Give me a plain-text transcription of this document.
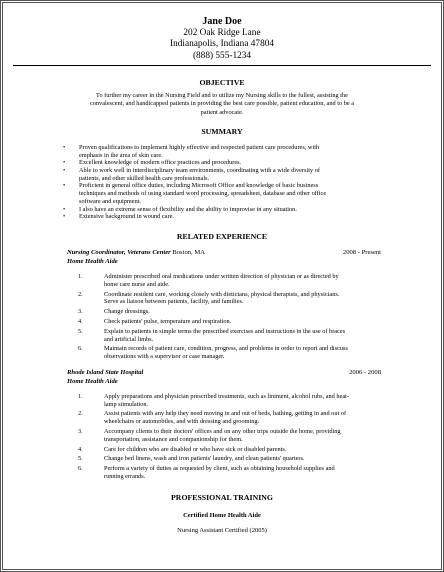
Jane Doe
202 Oak Ridge Lane
Indianapolis, Indiana 47804
(888) 555-1234
OBJECTIVE
To further my career in the Nursing Field and to utilize my Nursing skills to the fullest, assisting the
convalescent, and handicapped patients in providing the best care possible, patient education, and to be a
patient advocate.
SUMMARY
• Proven qualifications to implement highly effective and respected patient care procedures, with
emphasis in the area of skin care.
• Excellent knowledge of modern office practices and procedures.
• Able to work well in interdisciplinary team environments, coordinating with a wide diversity of
patients, and other skilled health care professionals.
• Proficient in general office duties, including Microsoft Office and knowledge of basic business
techniques and methods of using standard word processing, spreadsheet, database and other office
software and equipment.
• I also have an extreme sense of flexibility and the ability to improvise in any situation.
• Extensive background in wound care.
RELATED EXPERIENCE
Nursing Coordinator, Veterans Center Boston, MA	2008 - Present
Home Health Aide
1.	Administer prescribed oral medications under written direction of physician or as directed by
home care nurse and aide.
2.	Coordinate resident care, working closely with dieticians, physical therapists, and physicians.
Serve as liaison between patients, facility, and families.
3.	Change dressings.
4.	Check patients' pulse, temperature and respiration.
5.	Explain to patients in simple terms the prescribed exercises and instructions in the use of braces
and artificial limbs.
6.	Maintain records of patient care, condition, progress, and problems in order to report and discuss
observations with a supervisor or case manager.
Rhode Island State Hospital	2006 - 2008
Home Health Aide
1.	Apply preparations and physician prescribed treatments, such as liniment, alcohol rubs, and heat-
lamp stimulation.
2.	Assist patients with any help they need moving in and out of beds, bathing, getting in and out of
wheelchairs or automobiles, and with dressing and grooming.
3.	Accompany clients to their doctors' offices and on any other trips outside the home, providing
transportation, assistance and companionship for them.
4.	Care for children who are disabled or who have sick or disabled parents.
5.	Change bed linens, wash and iron patients' laundry, and clean patients' quarters.
6.	Perform a variety of duties as requested by client, such as obtaining household supplies and
running errands.
PROFESSIONAL TRAINING
Certified Home Health Aide
Nursing Assistant Certified (2005)
